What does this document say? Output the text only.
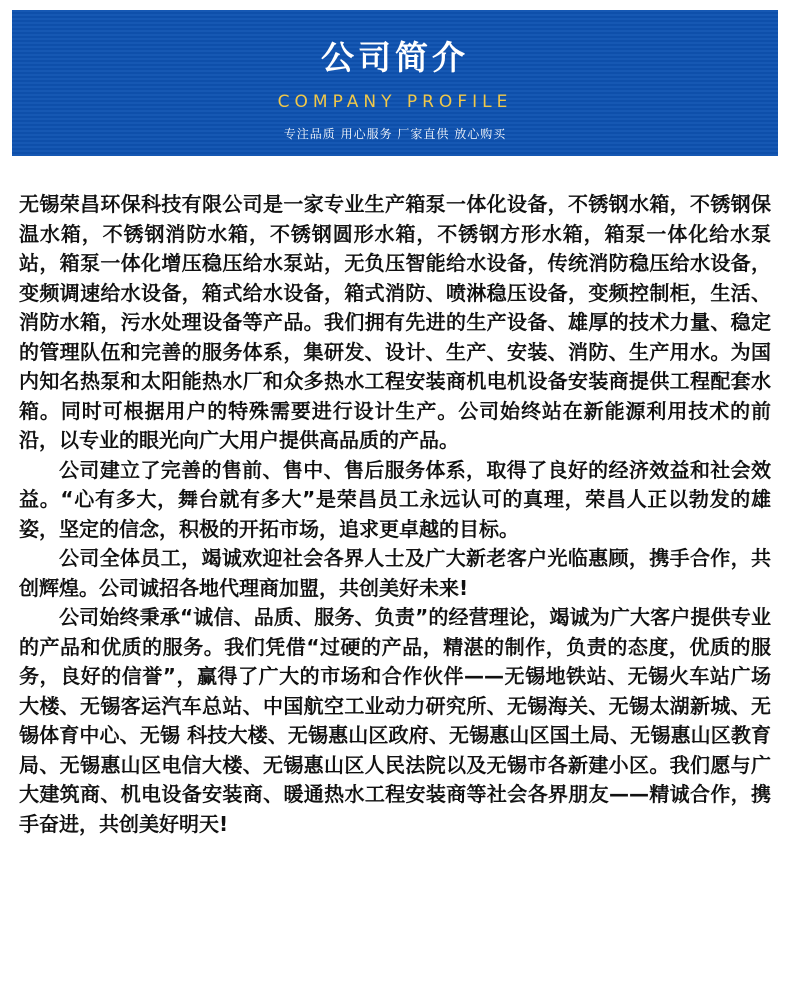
公司简介
COMPANY PROFILE
专注品质 用心服务 厂家直供 放心购买

无锡荣昌环保科技有限公司是一家专业生产箱泵一体化设备，不锈钢水箱，不锈钢保温水箱，不锈钢消防水箱，不锈钢圆形水箱，不锈钢方形水箱，箱泵一体化给水泵站，箱泵一体化增压稳压给水泵站，无负压智能给水设备，传统消防稳压给水设备，变频调速给水设备，箱式给水设备，箱式消防、喷淋稳压设备，变频控制柜，生活、消防水箱，污水处理设备等产品。我们拥有先进的生产设备、雄厚的技术力量、稳定的管理队伍和完善的服务体系，集研发、设计、生产、安装、消防、生产用水。为国内知名热泵和太阳能热水厂和众多热水工程安装商机电机设备安装商提供工程配套水箱。同时可根据用户的特殊需要进行设计生产。公司始终站在新能源利用技术的前沿，以专业的眼光向广大用户提供高品质的产品。

公司建立了完善的售前、售中、售后服务体系，取得了良好的经济效益和社会效益。“心有多大，舞台就有多大”是荣昌员工永远认可的真理，荣昌人正以勃发的雄姿，坚定的信念，积极的开拓市场，追求更卓越的目标。

公司全体员工，竭诚欢迎社会各界人士及广大新老客户光临惠顾，携手合作，共创辉煌。公司诚招各地代理商加盟，共创美好未来!

公司始终秉承“诚信、品质、服务、负责”的经营理论，竭诚为广大客户提供专业的产品和优质的服务。我们凭借“过硬的产品，精湛的制作，负责的态度，优质的服务，良好的信誉”，赢得了广大的市场和合作伙伴——无锡地铁站、无锡火车站广场大楼、无锡客运汽车总站、中国航空工业动力研究所、无锡海关、无锡太湖新城、无锡体育中心、无锡 科技大楼、无锡惠山区政府、无锡惠山区国土局、无锡惠山区教育局、无锡惠山区电信大楼、无锡惠山区人民法院以及无锡市各新建小区。我们愿与广大建筑商、机电设备安装商、暖通热水工程安装商等社会各界朋友——精诚合作，携手奋进，共创美好明天!
